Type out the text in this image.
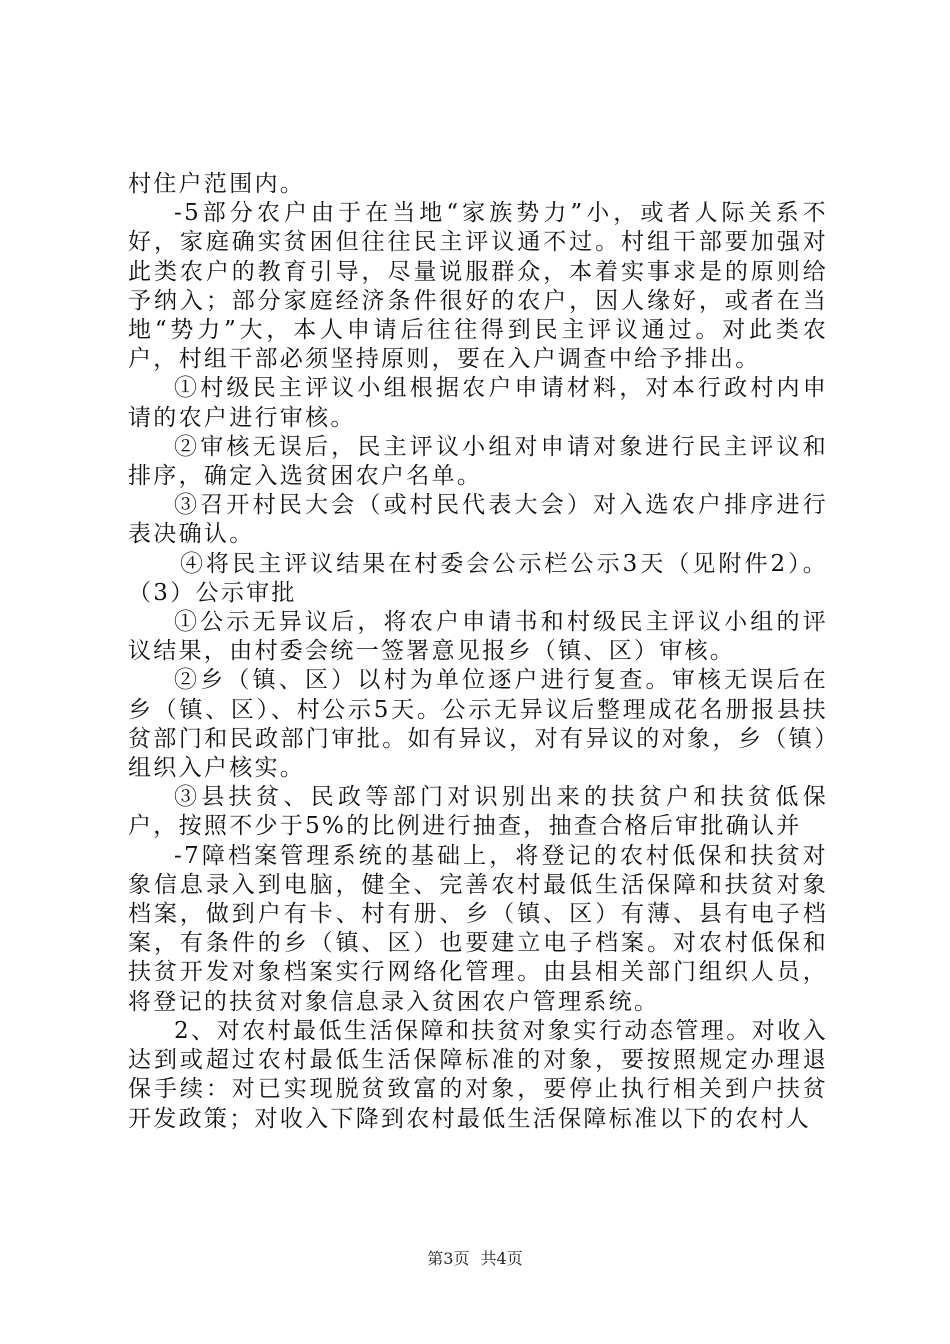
村住户范围内。

-5部分农户由于在当地“家族势力”小，或者人际关系不好，家庭确实贫困但往往民主评议通不过。村组干部要加强对此类农户的教育引导，尽量说服群众，本着实事求是的原则给予纳入；部分家庭经济条件很好的农户，因人缘好，或者在当地“势力”大，本人申请后往往得到民主评议通过。对此类农户，村组干部必须坚持原则，要在入户调查中给予排出。

①村级民主评议小组根据农户申请材料，对本行政村内申请的农户进行审核。

②审核无误后，民主评议小组对申请对象进行民主评议和排序，确定入选贫困农户名单。

③召开村民大会（或村民代表大会）对入选农户排序进行表决确认。

④将民主评议结果在村委会公示栏公示3天（见附件2）。（3）公示审批

①公示无异议后，将农户申请书和村级民主评议小组的评议结果，由村委会统一签署意见报乡（镇、区）审核。

②乡（镇、区）以村为单位逐户进行复查。审核无误后在乡（镇、区）、村公示5天。公示无异议后整理成花名册报县扶贫部门和民政部门审批。如有异议，对有异议的对象，乡（镇）组织入户核实。

③县扶贫、民政等部门对识别出来的扶贫户和扶贫低保户，按照不少于5%的比例进行抽查，抽查合格后审批确认并

-7障档案管理系统的基础上，将登记的农村低保和扶贫对象信息录入到电脑，健全、完善农村最低生活保障和扶贫对象档案，做到户有卡、村有册、乡（镇、区）有薄、县有电子档案，有条件的乡（镇、区）也要建立电子档案。对农村低保和扶贫开发对象档案实行网络化管理。由县相关部门组织人员，将登记的扶贫对象信息录入贫困农户管理系统。

2、对农村最低生活保障和扶贫对象实行动态管理。对收入达到或超过农村最低生活保障标准的对象，要按照规定办理退保手续：对已实现脱贫致富的对象，要停止执行相关到户扶贫开发政策；对收入下降到农村最低生活保障标准以下的农村人

第3页 共4页
